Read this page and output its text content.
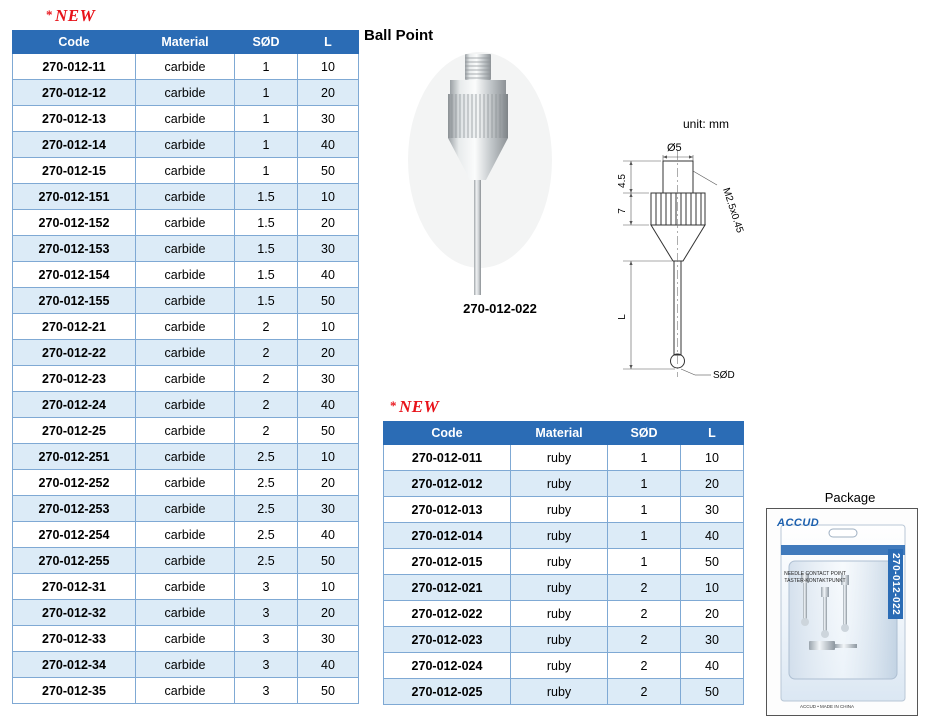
* NEW
Code	Material	SØD	L
270-012-11	carbide	1	10
270-012-12	carbide	1	20
270-012-13	carbide	1	30
270-012-14	carbide	1	40
270-012-15	carbide	1	50
270-012-151	carbide	1.5	10
270-012-152	carbide	1.5	20
270-012-153	carbide	1.5	30
270-012-154	carbide	1.5	40
270-012-155	carbide	1.5	50
270-012-21	carbide	2	10
270-012-22	carbide	2	20
270-012-23	carbide	2	30
270-012-24	carbide	2	40
270-012-25	carbide	2	50
270-012-251	carbide	2.5	10
270-012-252	carbide	2.5	20
270-012-253	carbide	2.5	30
270-012-254	carbide	2.5	40
270-012-255	carbide	2.5	50
270-012-31	carbide	3	10
270-012-32	carbide	3	20
270-012-33	carbide	3	30
270-012-34	carbide	3	40
270-012-35	carbide	3	50
Ball Point
270-012-022
unit: mm
Ø5
4.5
7
L
SØD
M2.5x0.45
* NEW
Code	Material	SØD	L
270-012-011	ruby	1	10
270-012-012	ruby	1	20
270-012-013	ruby	1	30
270-012-014	ruby	1	40
270-012-015	ruby	1	50
270-012-021	ruby	2	10
270-012-022	ruby	2	20
270-012-023	ruby	2	30
270-012-024	ruby	2	40
270-012-025	ruby	2	50
Package
ACCUD
270-012-022
NEEDLE CONTACT POINT TASTER-KONTAKTPUNKT
ACCUD • MADE IN CHINA
